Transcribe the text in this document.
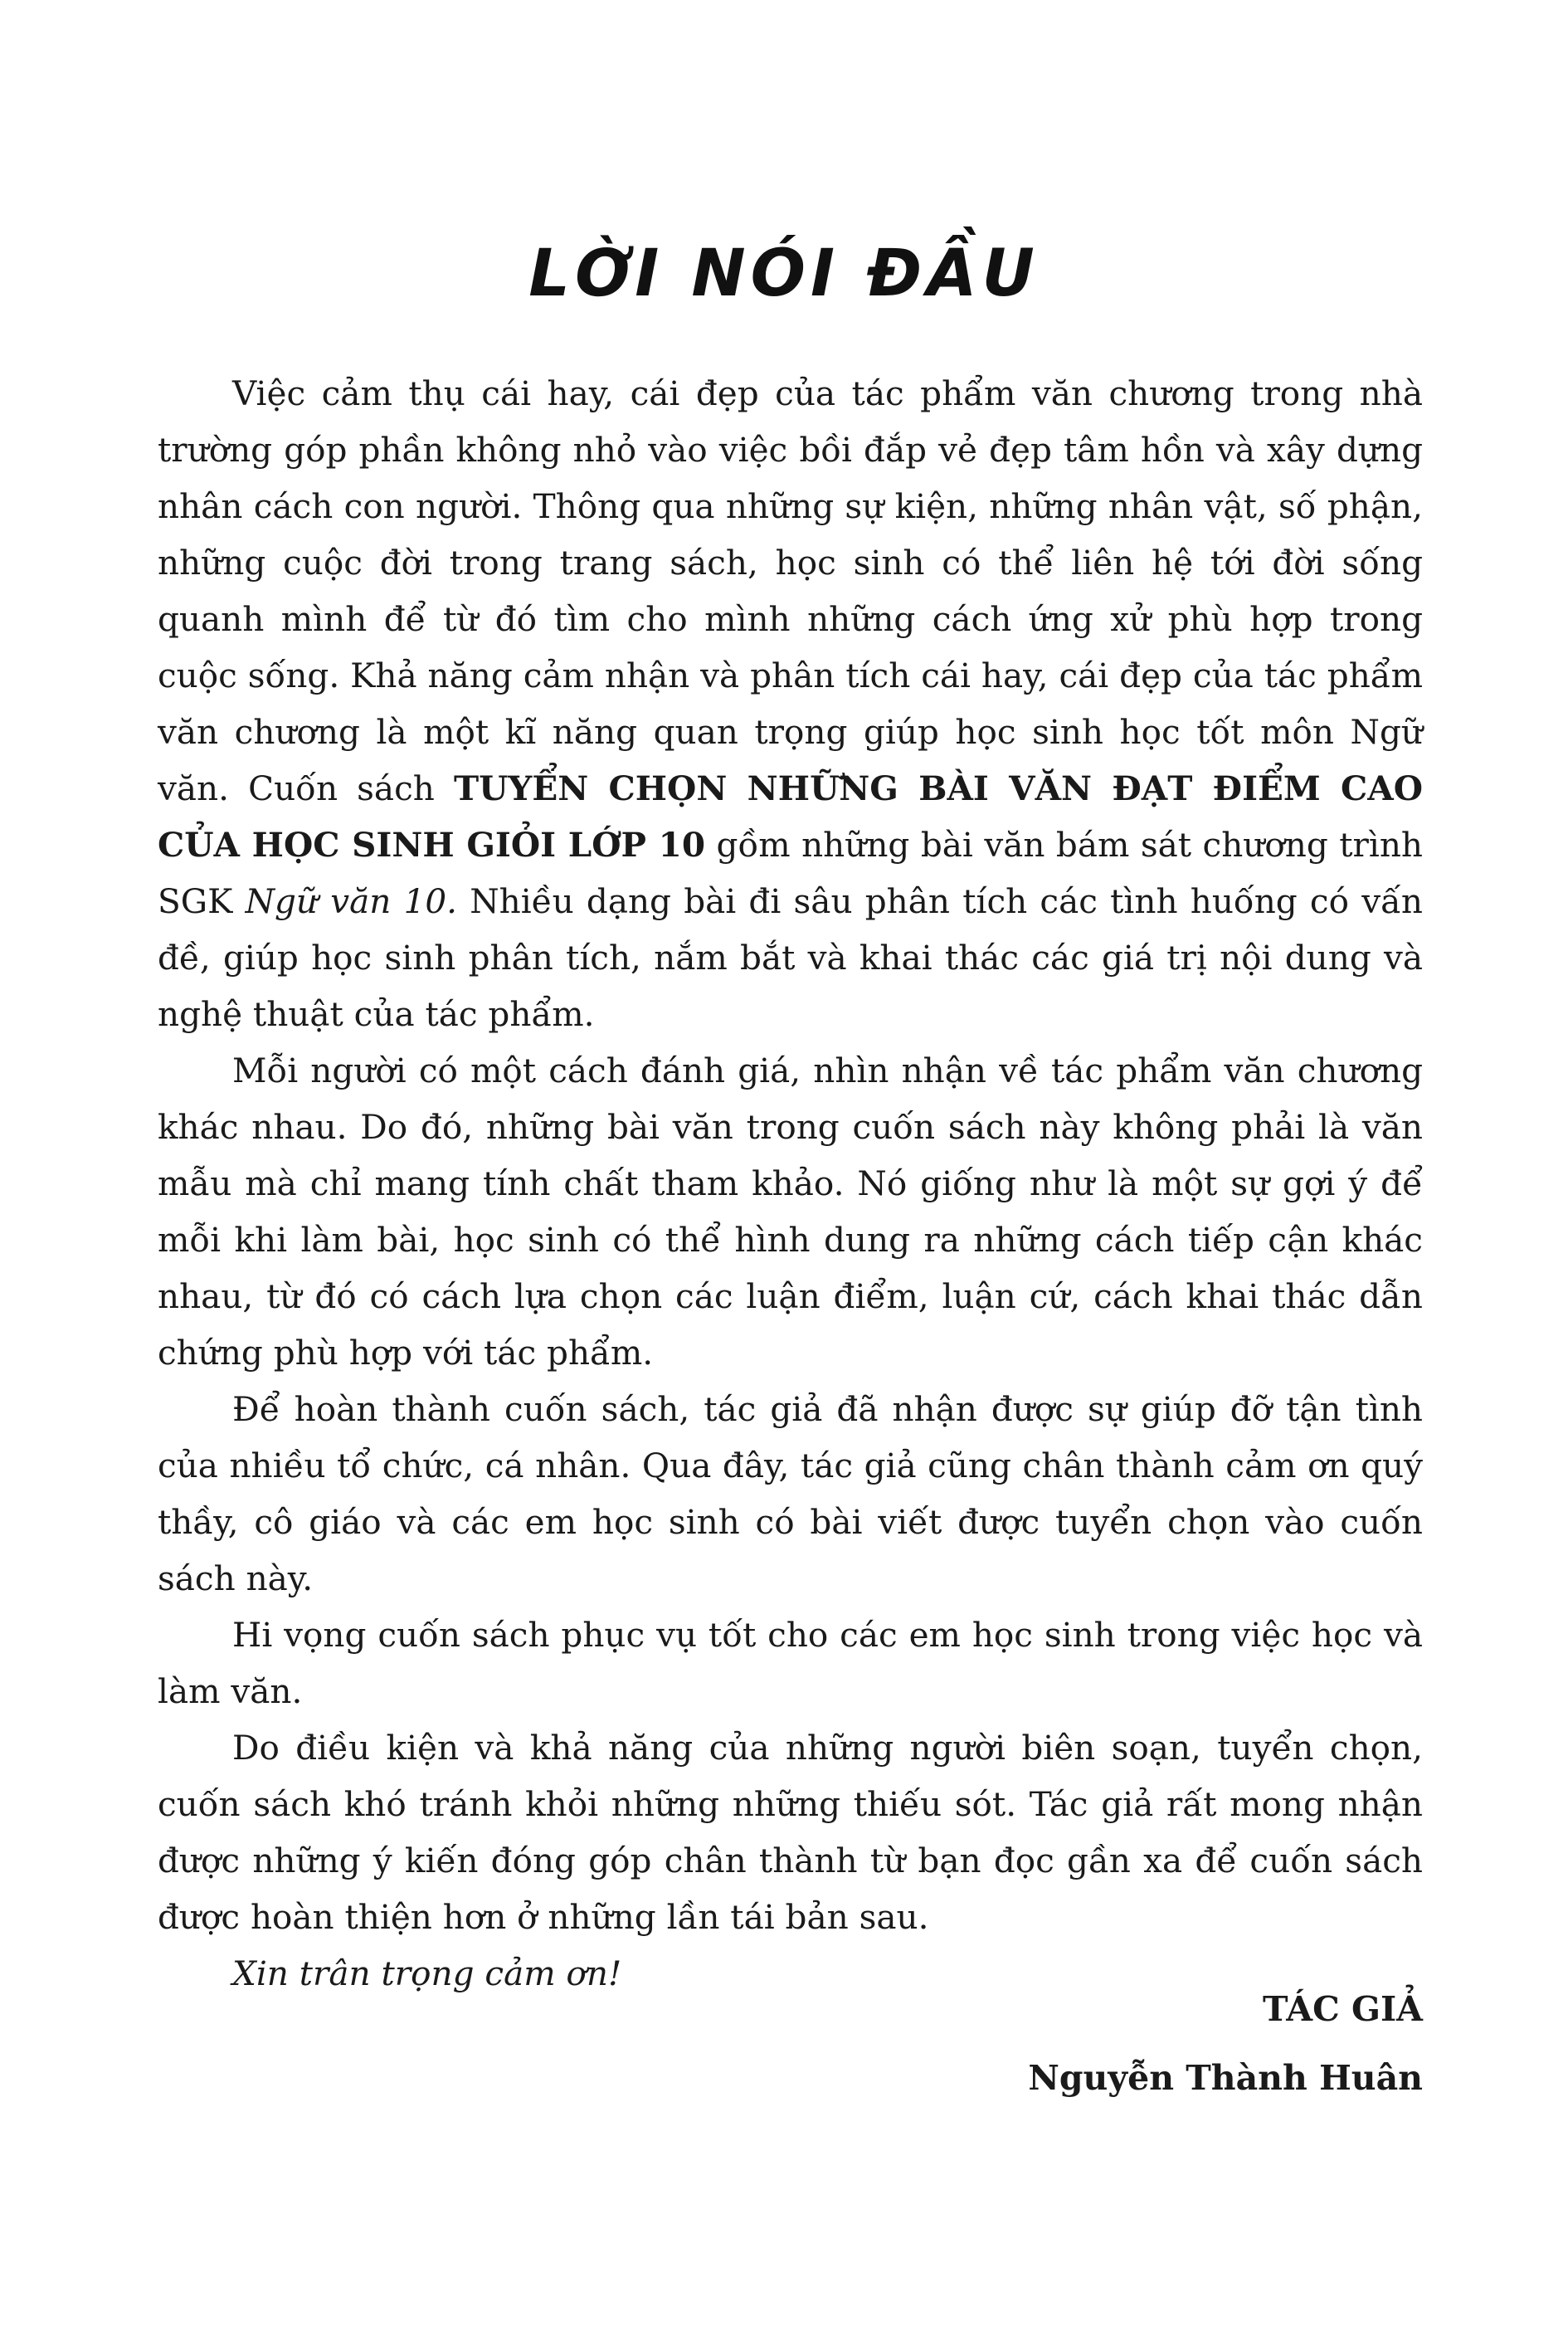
LỜI NÓI ĐẦU

Việc cảm thụ cái hay, cái đẹp của tác phẩm văn chương trong nhà trường góp phần không nhỏ vào việc bồi đắp vẻ đẹp tâm hồn và xây dựng nhân cách con người. Thông qua những sự kiện, những nhân vật, số phận, những cuộc đời trong trang sách, học sinh có thể liên hệ tới đời sống quanh mình để từ đó tìm cho mình những cách ứng xử phù hợp trong cuộc sống. Khả năng cảm nhận và phân tích cái hay, cái đẹp của tác phẩm văn chương là một kĩ năng quan trọng giúp học sinh học tốt môn Ngữ văn. Cuốn sách TUYỂN CHỌN NHỮNG BÀI VĂN ĐẠT ĐIỂM CAO CỦA HỌC SINH GIỎI LỚP 10 gồm những bài văn bám sát chương trình SGK Ngữ văn 10. Nhiều dạng bài đi sâu phân tích các tình huống có vấn đề, giúp học sinh phân tích, nắm bắt và khai thác các giá trị nội dung và nghệ thuật của tác phẩm.

Mỗi người có một cách đánh giá, nhìn nhận về tác phẩm văn chương khác nhau. Do đó, những bài văn trong cuốn sách này không phải là văn mẫu mà chỉ mang tính chất tham khảo. Nó giống như là một sự gợi ý để mỗi khi làm bài, học sinh có thể hình dung ra những cách tiếp cận khác nhau, từ đó có cách lựa chọn các luận điểm, luận cứ, cách khai thác dẫn chứng phù hợp với tác phẩm.

Để hoàn thành cuốn sách, tác giả đã nhận được sự giúp đỡ tận tình của nhiều tổ chức, cá nhân. Qua đây, tác giả cũng chân thành cảm ơn quý thầy, cô giáo và các em học sinh có bài viết được tuyển chọn vào cuốn sách này.

Hi vọng cuốn sách phục vụ tốt cho các em học sinh trong việc học và làm văn.

Do điều kiện và khả năng của những người biên soạn, tuyển chọn, cuốn sách khó tránh khỏi những những thiếu sót. Tác giả rất mong nhận được những ý kiến đóng góp chân thành từ bạn đọc gần xa để cuốn sách được hoàn thiện hơn ở những lần tái bản sau.

Xin trân trọng cảm ơn!

TÁC GIẢ
Nguyễn Thành Huân
